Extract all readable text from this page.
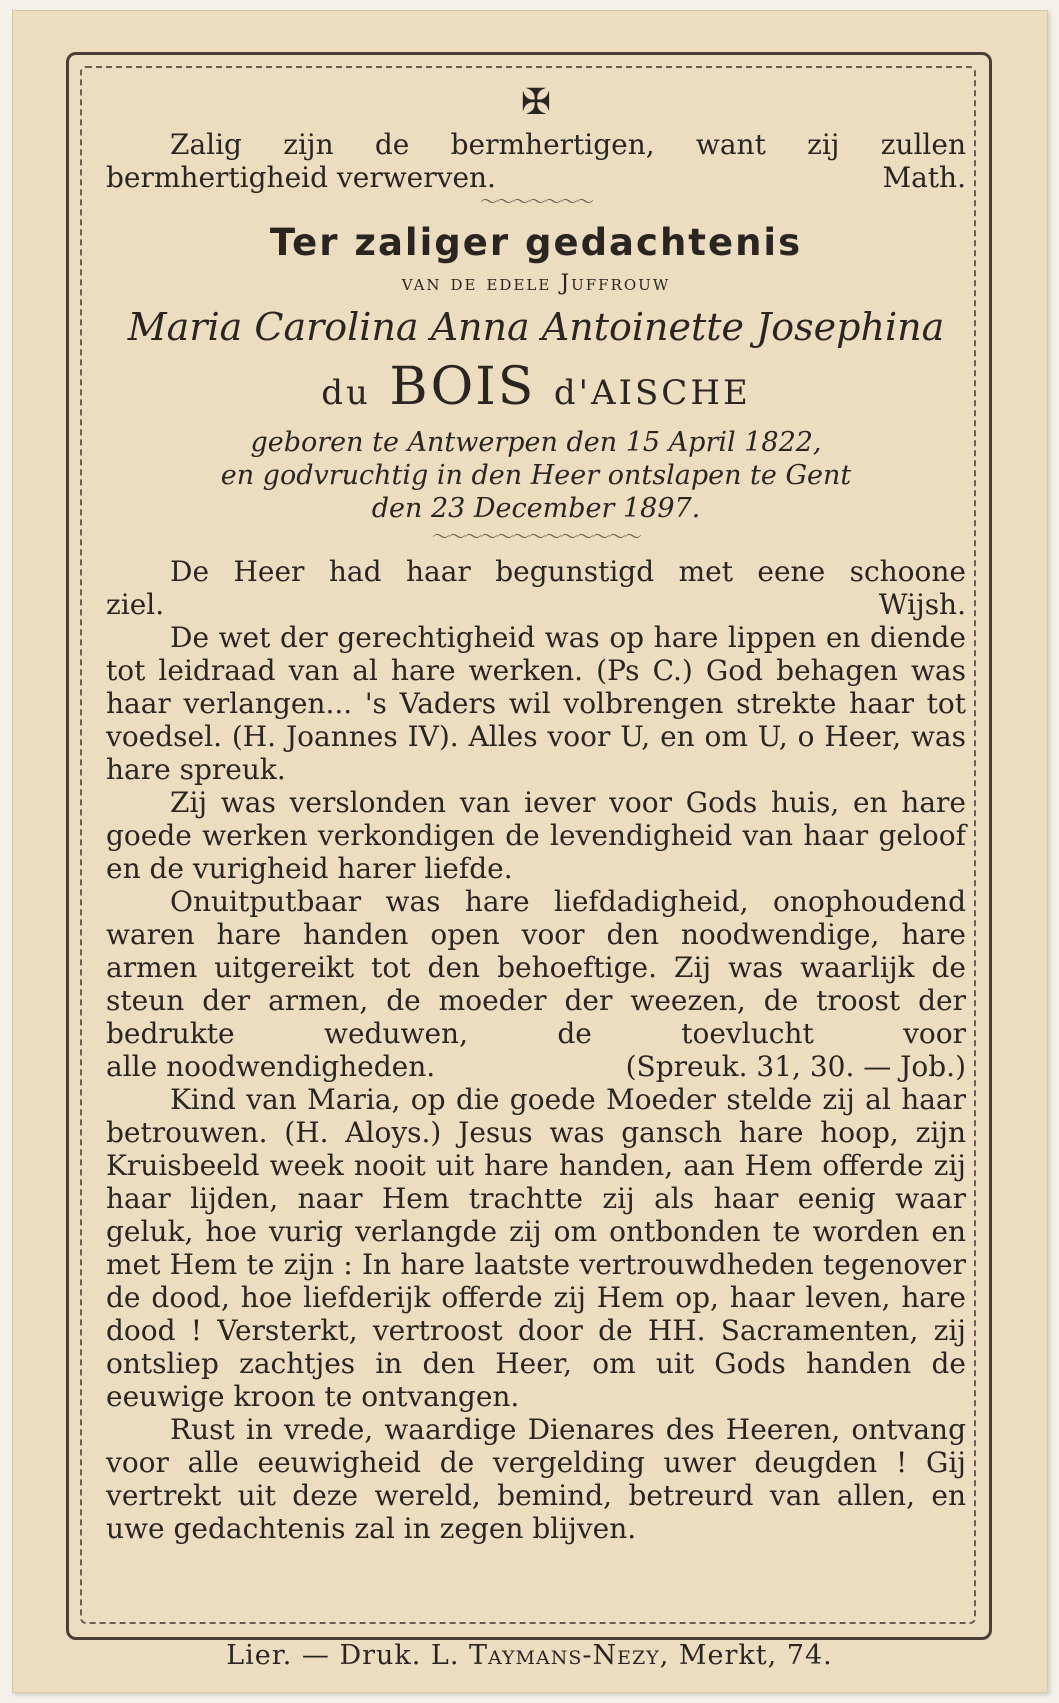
✠
Zalig zijn de bermhertigen, want zij zullen
bermhertigheid verwerven.	Math.
〜〜〜〜〜〜〜
Ter zaliger gedachtenis
van de edele Juffrouw
Maria Carolina Anna Antoinette Josephina
du BOIS d'AISCHE
geboren te Antwerpen den 15 April 1822,
en godvruchtig in den Heer ontslapen te Gent
den 23 December 1897.
〜〜〜〜〜〜〜〜〜〜〜〜〜
De Heer had haar begunstigd met eene schoone
ziel.	Wijsh.

De wet der gerechtigheid was op hare lippen en diende tot leidraad van al hare werken. (Ps C.) God behagen was haar verlangen... 's Vaders wil volbrengen strekte haar tot voedsel. (H. Joannes IV). Alles voor U, en om U, o Heer, was hare spreuk.

Zij was verslonden van iever voor Gods huis, en hare goede werken verkondigen de levendigheid van haar geloof en de vurigheid harer liefde.

Onuitputbaar was hare liefdadigheid, onophoudend waren hare handen open voor den noodwendige, hare armen uitgereikt tot den behoeftige. Zij was waarlijk de steun der armen, de moeder der weezen, de troost der bedrukte weduwen, de toevlucht voor

alle noodwendigheden.	(Spreuk. 31, 30. — Job.)

Kind van Maria, op die goede Moeder stelde zij al haar betrouwen. (H. Aloys.) Jesus was gansch hare hoop, zijn Kruisbeeld week nooit uit hare handen, aan Hem offerde zij haar lijden, naar Hem trachtte zij als haar eenig waar geluk, hoe vurig verlangde zij om ontbonden te worden en met Hem te zijn : In hare laatste vertrouwdheden tegenover de dood, hoe liefderijk offerde zij Hem op, haar leven, hare dood ! Versterkt, vertroost door de HH. Sacramenten, zij ontsliep zachtjes in den Heer, om uit Gods handen de eeuwige kroon te ontvangen.

Rust in vrede, waardige Dienares des Heeren, ontvang voor alle eeuwigheid de vergelding uwer deugden ! Gij vertrekt uit deze wereld, bemind, betreurd van allen, en uwe gedachtenis zal in zegen blijven.

Lier. — Druk. L. Taymans-Nezy, Merkt, 74.
